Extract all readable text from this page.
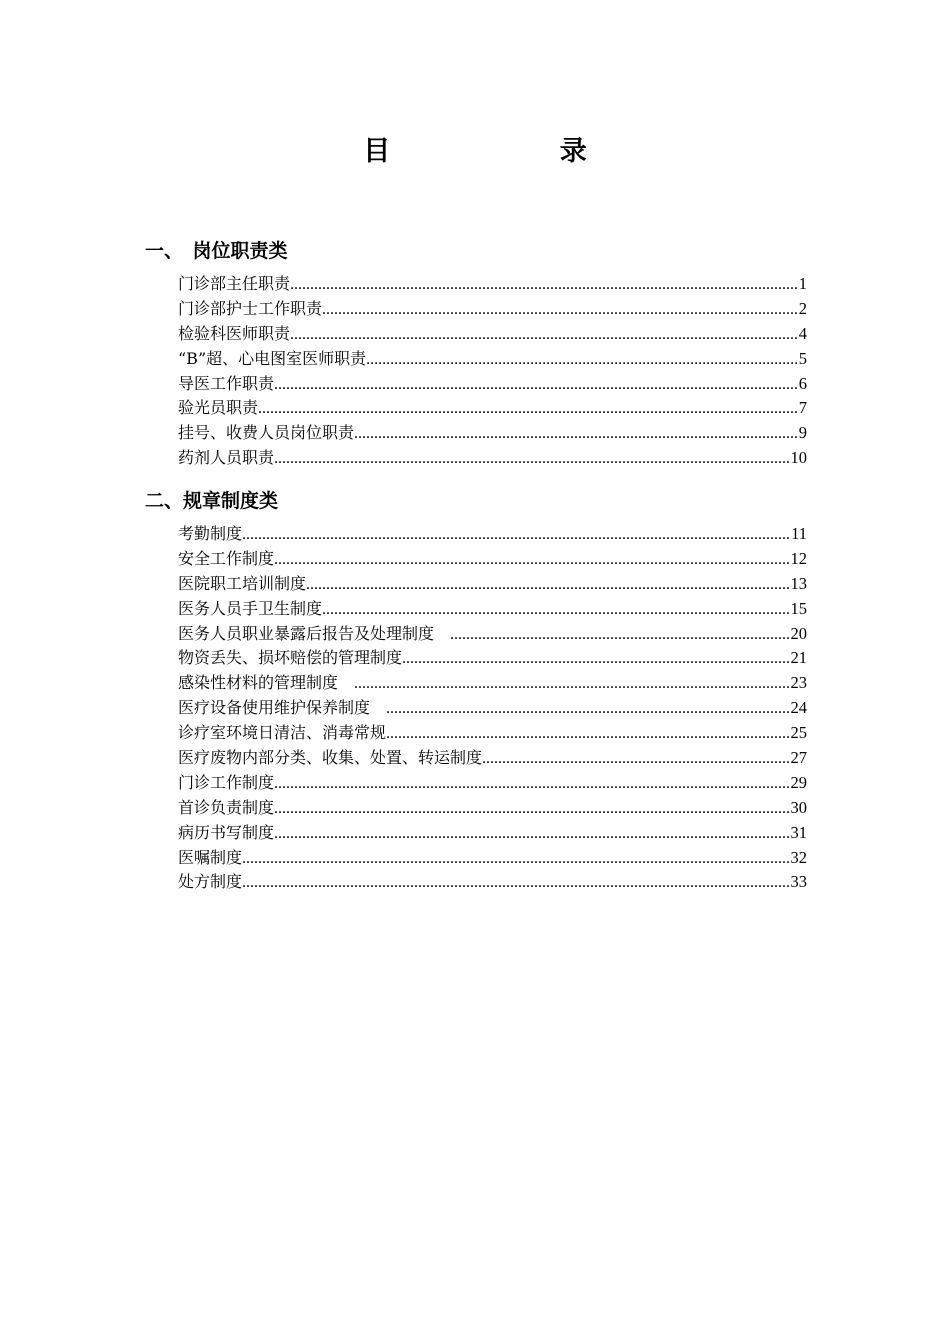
目 录
一、　岗位职责类
门诊部主任职责 .....	1
门诊部护士工作职责 .....	2
检验科医师职责 .....	4
“B”超、心电图室医师职责 .....	5
导医工作职责 .....	6
验光员职责 .....	7
挂号、收费人员岗位职责 .....	9
药剂人员职责 .....	10
二、规章制度类
考勤制度 .....	11
安全工作制度 .....	12
医院职工培训制度 .....	13
医务人员手卫生制度 .....	15
医务人员职业暴露后报告及处理制度　 .....	20
物资丢失、损坏赔偿的管理制度 .....	21
感染性材料的管理制度　 .....	23
医疗设备使用维护保养制度　 .....	24
诊疗室环境日清洁、消毒常规 .....	25
医疗废物内部分类、收集、处置、转运制度 .....	27
门诊工作制度 .....	29
首诊负责制度 .....	30
病历书写制度 .....	31
医嘱制度 .....	32
处方制度 .....	33
